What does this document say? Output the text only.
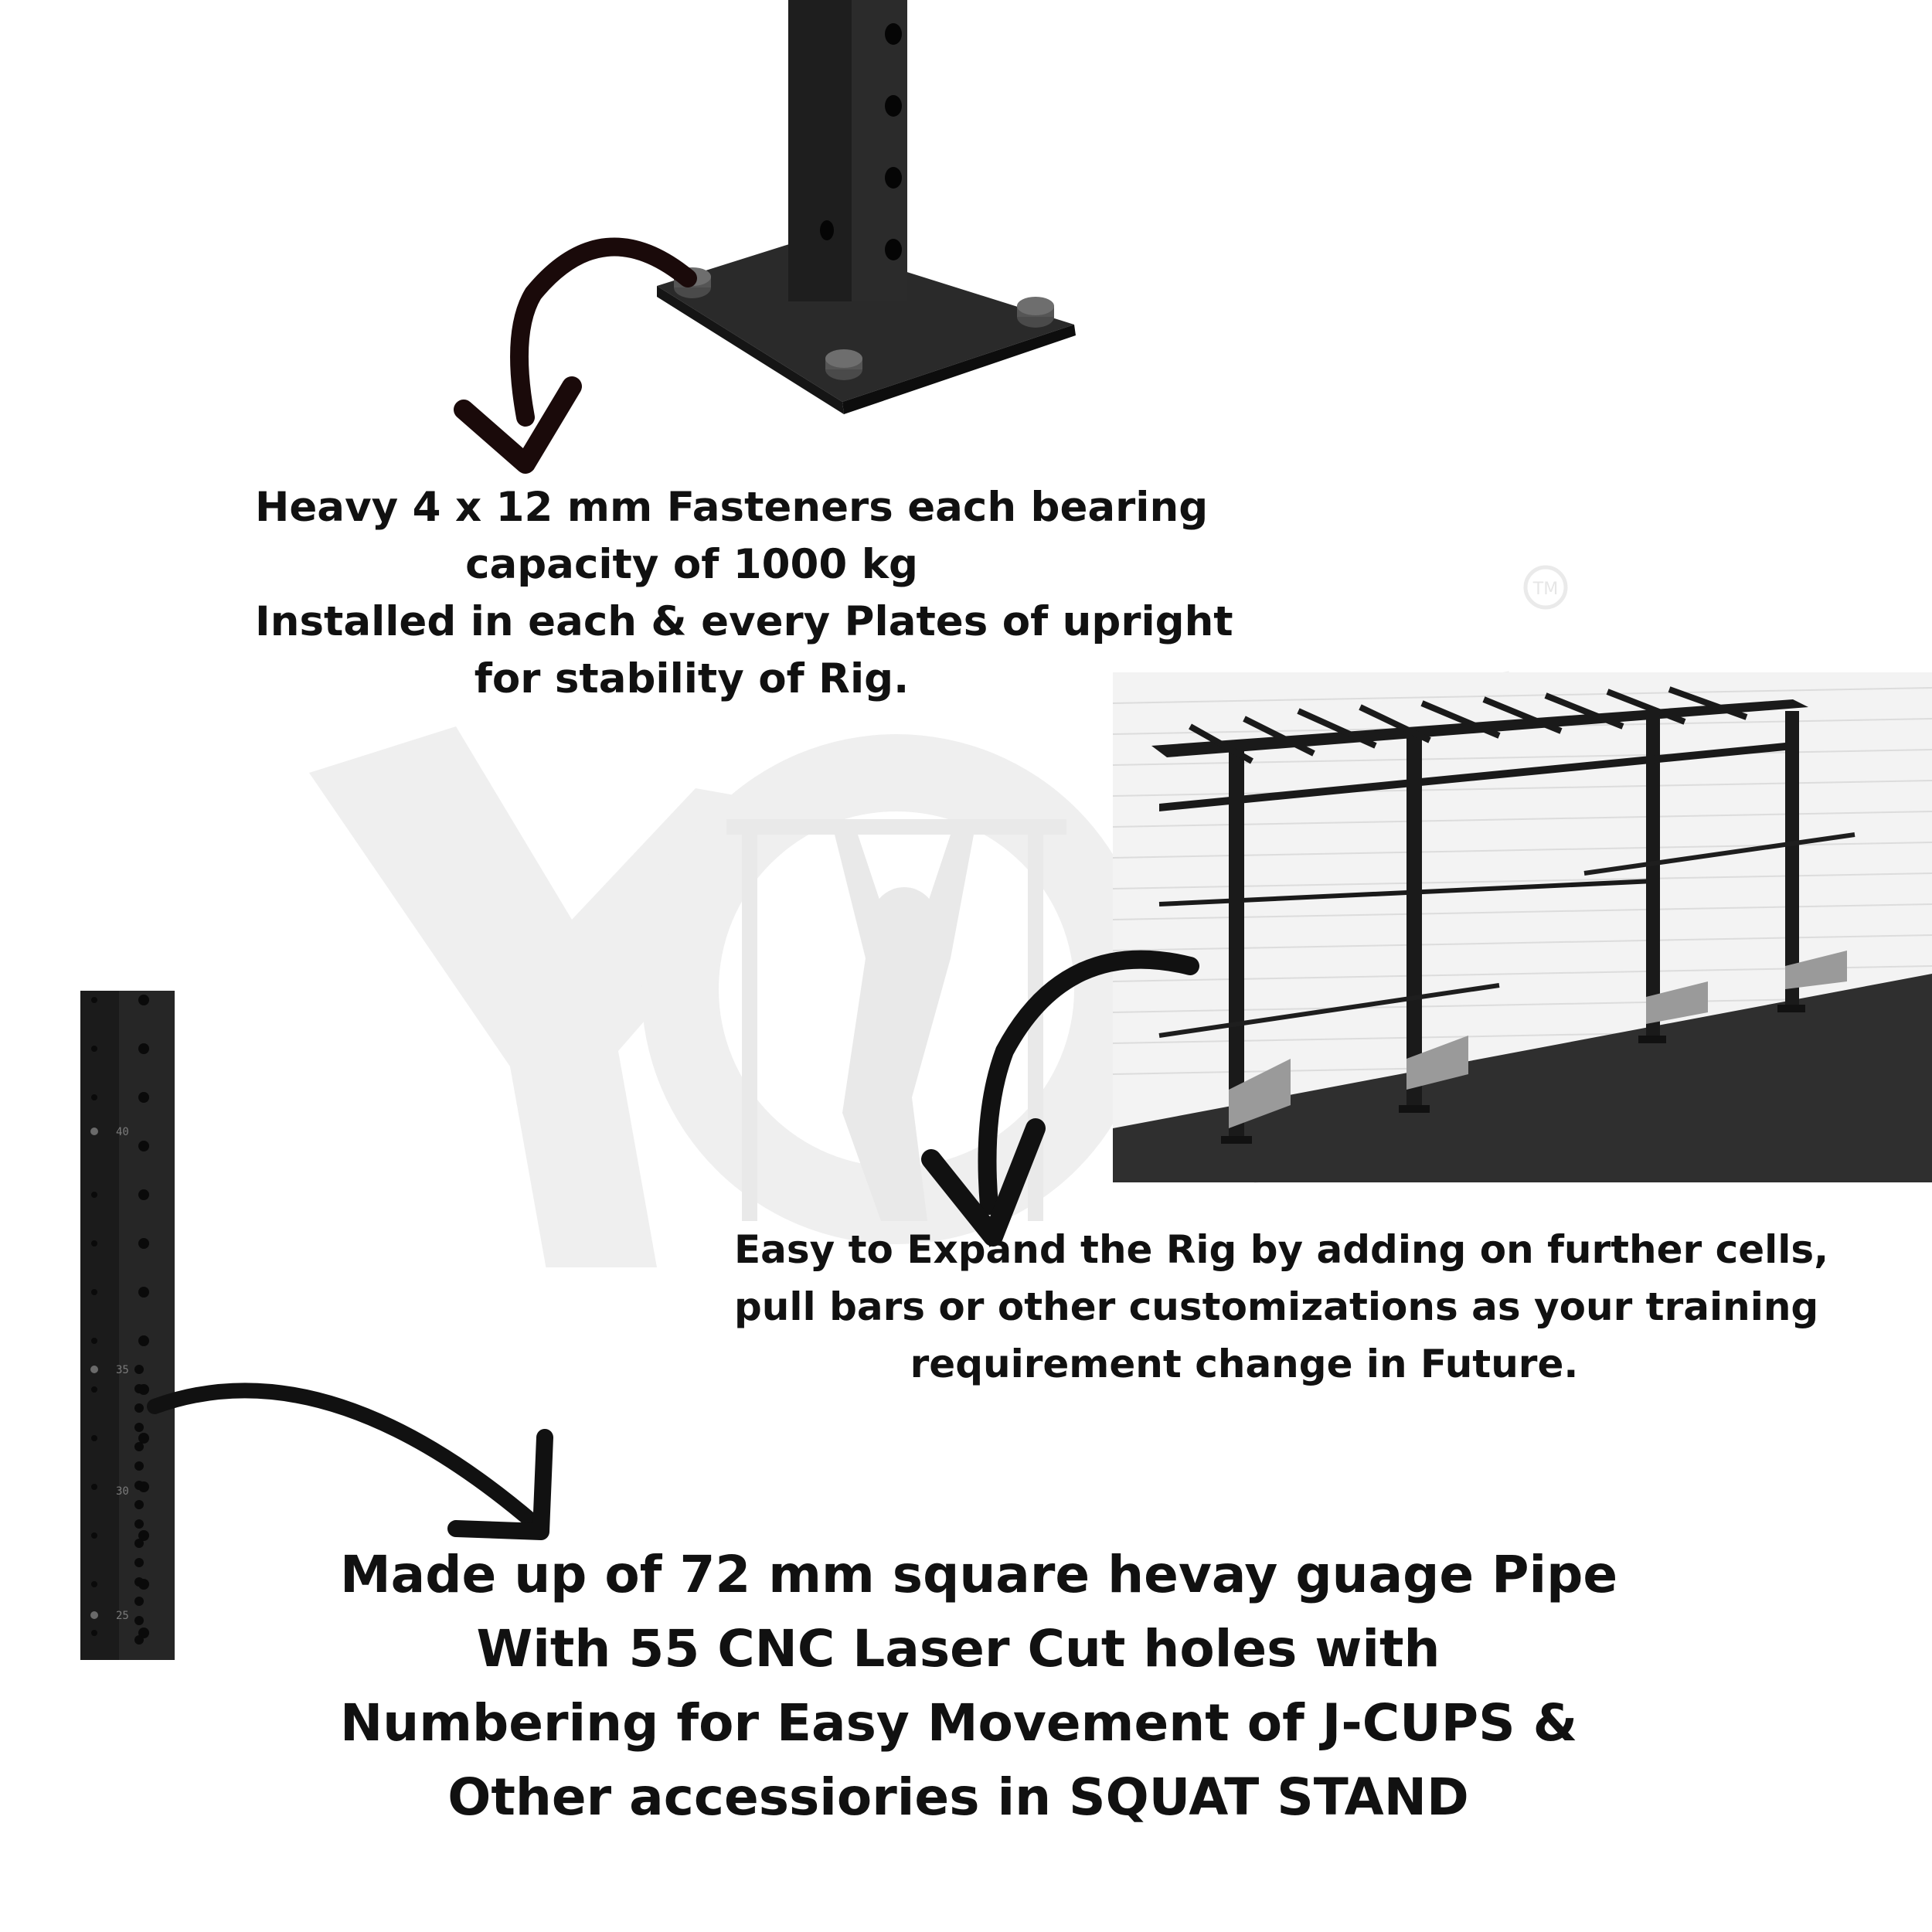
TM
Heavy 4 x 12 mm Fasteners each bearing
capacity of 1000 kg
Installed in each & every Plates of upright
for stability of Rig.
Easy to Expand the Rig by adding on further cells,
pull bars or other customizations as your training
requirement change in Future.
40
35
30
25
Made up of 72 mm square hevay guage Pipe
With 55 CNC Laser Cut holes with
Numbering for Easy Movement of J-CUPS &
Other accessiories in SQUAT STAND
